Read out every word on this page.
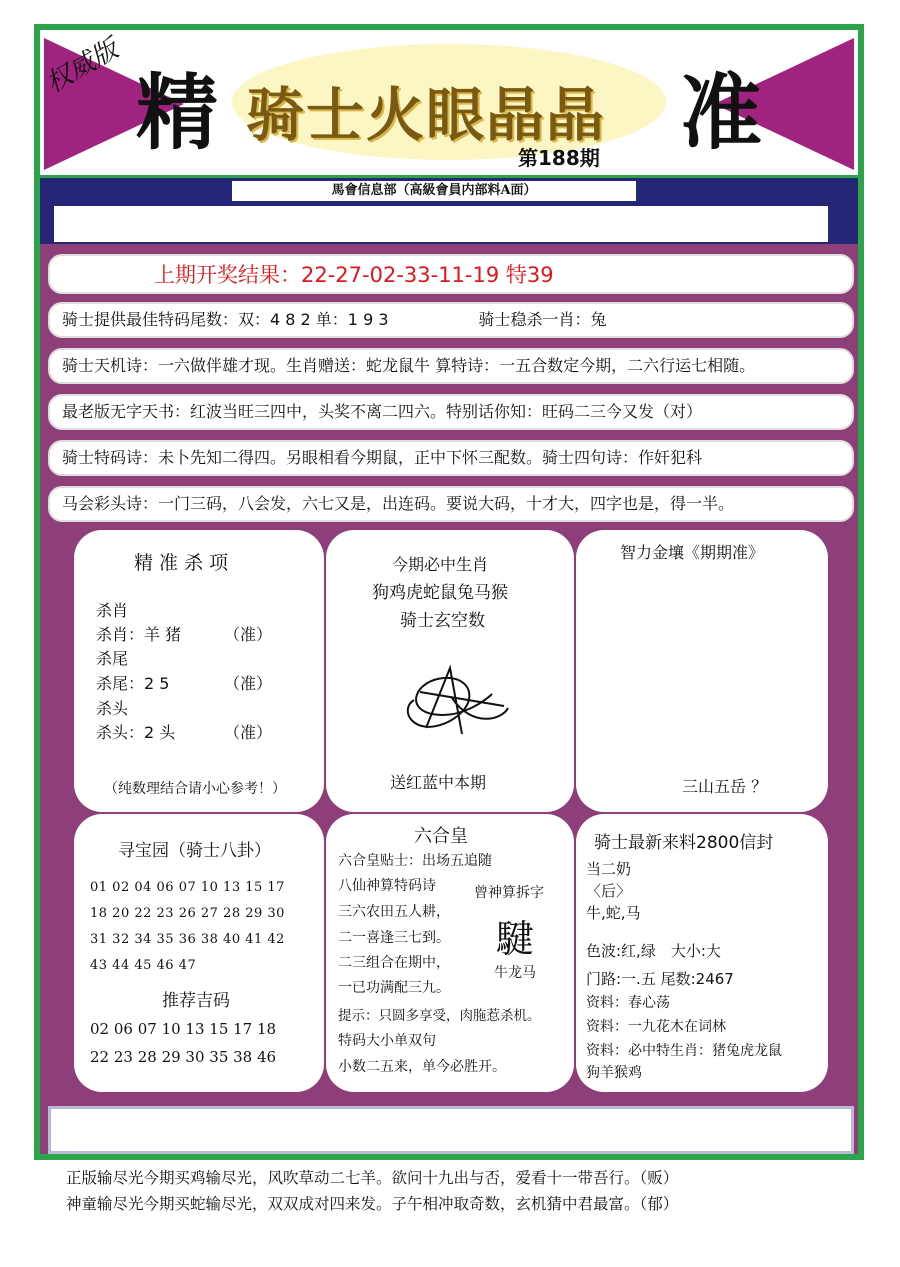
权威版 精 骑士火眼晶晶 准
第188期
馬會信息部（高級會員内部料A面）
上期开奖结果：22-27-02-33-11-19 特39
骑士提供最佳特码尾数：双：4 8 2 单：1 9 3	骑士稳杀一肖：兔
骑士天机诗：一六做伴雄才现。生肖赠送：蛇龙鼠牛 算特诗：一五合数定今期，二六行运七相随。
最老版无字天书：红波当旺三四中，头奖不离二四六。特别话你知：旺码二三今又发（对）
骑士特码诗：未卜先知二得四。另眼相看今期鼠，正中下怀三配数。骑士四句诗：作奸犯科
马会彩头诗：一门三码，八会发，六七又是，出连码。要说大码，十才大，四字也是，得一半。
精 准 杀 项
杀肖
杀肖：羊 猪	（准）
杀尾
杀尾：2 5	（准）
杀头
杀头：2 头	（准）
（纯数理结合请小心参考！）
今期必中生肖
狗鸡虎蛇鼠兔马猴
骑士玄空数
送红蓝中本期
智力金壤《期期准》
三山五岳 ？
寻宝园（骑士八卦）
01 02 04 06 07 10 13 15 17
18 20 22 23 26 27 28 29 30
31 32 34 35 36 38 40 41 42
43 44 45 46 47
推荐吉码
02 06 07 10 13 15 17 18
22 23 28 29 30 35 38 46
六合皇
六合皇贴士：出场五追随
八仙神算特码诗
三六农田五人耕，
二一喜逢三七到。
二三组合在期中，
一已功满配三九。
提示：只圆多享受，肉胣惹杀机。
特码大小单双句
小数二五来，单今必胜开。
曾神算拆字
騝
牛龙马
骑士最新来料2800信封
当二奶
〈后〉
牛,蛇,马
色波:红,绿　大小:大
门路:一.五 尾数:2467
资料：春心荡
资料：一九花木在词林
资料：必中特生肖：猪兔虎龙鼠
狗羊猴鸡
正版输尽光今期买鸡输尽光，风吹草动二七羊。欲问十九出与否，爱看十一带吾行。（贩）
神童输尽光今期买蛇输尽光，双双成对四来发。子午相冲取奇数，玄机猜中君最富。（郁）
